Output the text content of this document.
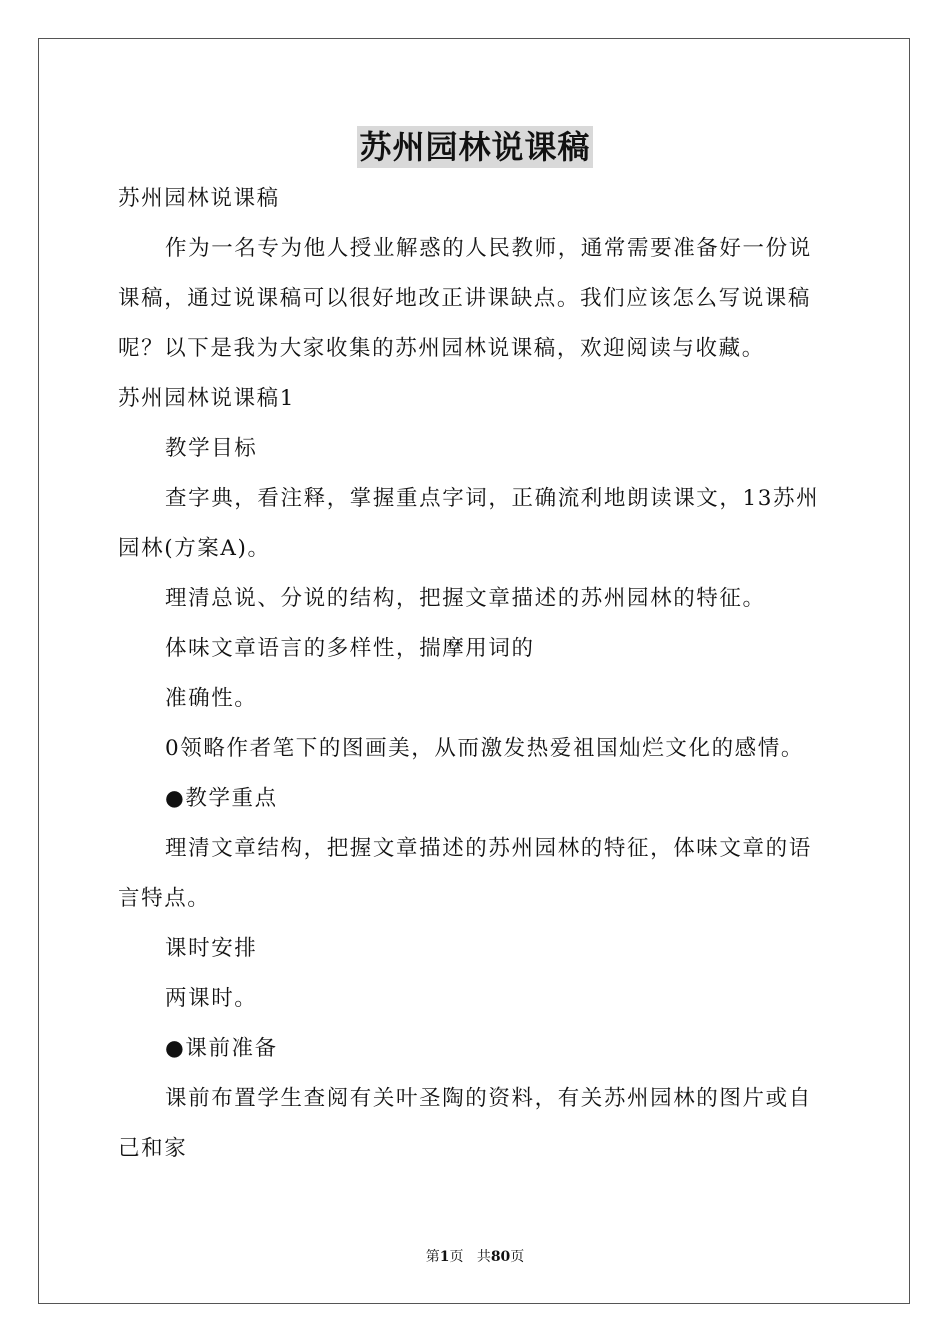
苏州园林说课稿

苏州园林说课稿

作为一名专为他人授业解惑的人民教师，通常需要准备好一份说课稿，通过说课稿可以很好地改正讲课缺点。我们应该怎么写说课稿呢？以下是我为大家收集的苏州园林说课稿，欢迎阅读与收藏。

苏州园林说课稿1

教学目标

查字典，看注释，掌握重点字词，正确流利地朗读课文，13苏州园林(方案A)。

理清总说、分说的结构，把握文章描述的苏州园林的特征。

体味文章语言的多样性，揣摩用词的

准确性。

0领略作者笔下的图画美，从而激发热爱祖国灿烂文化的感情。

●教学重点

理清文章结构，把握文章描述的苏州园林的特征，体味文章的语言特点。

课时安排

两课时。

●课前准备

课前布置学生查阅有关叶圣陶的资料，有关苏州园林的图片或自己和家

第1页 共80页
